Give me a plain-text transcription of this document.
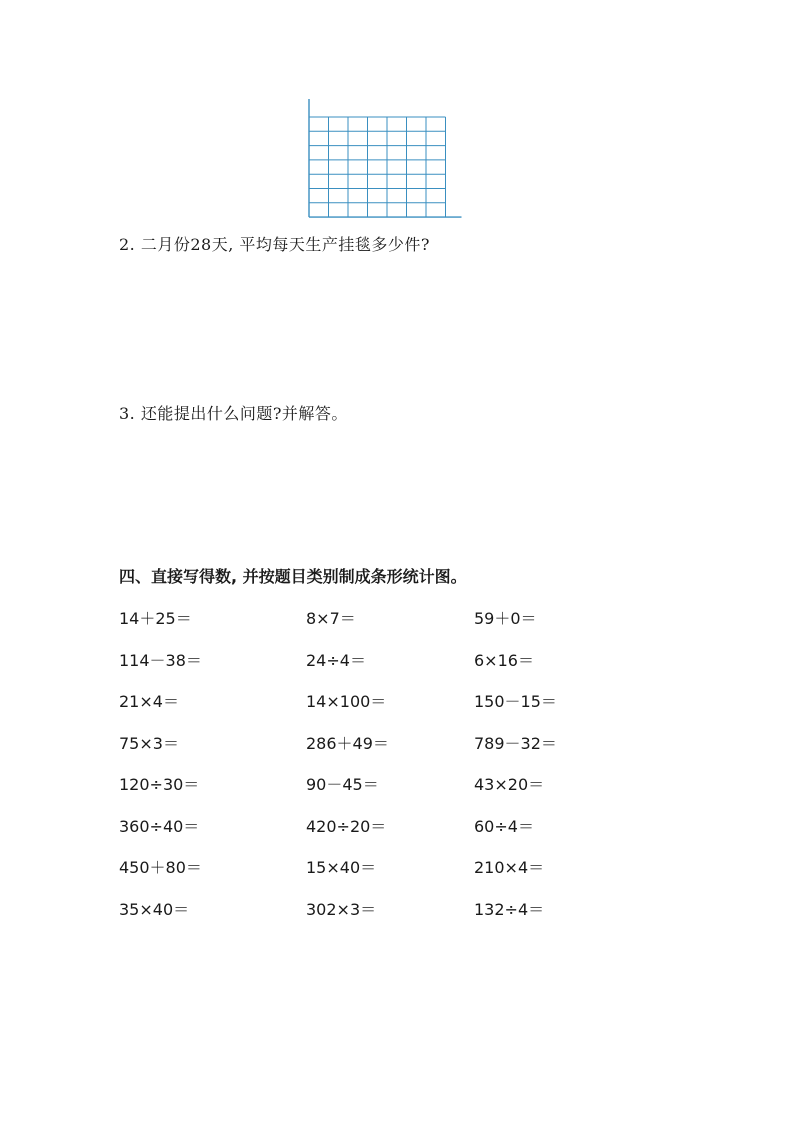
2. 二月份28天, 平均每天生产挂毯多少件?
3. 还能提出什么问题?并解答。
四、直接写得数, 并按题目类别制成条形统计图。
14＋25＝	8×7＝	59＋0＝
114－38＝	24÷4＝	6×16＝
21×4＝	14×100＝	150－15＝
75×3＝	286＋49＝	789－32＝
120÷30＝	90－45＝	43×20＝
360÷40＝	420÷20＝	60÷4＝
450＋80＝	15×40＝	210×4＝
35×40＝	302×3＝	132÷4＝
